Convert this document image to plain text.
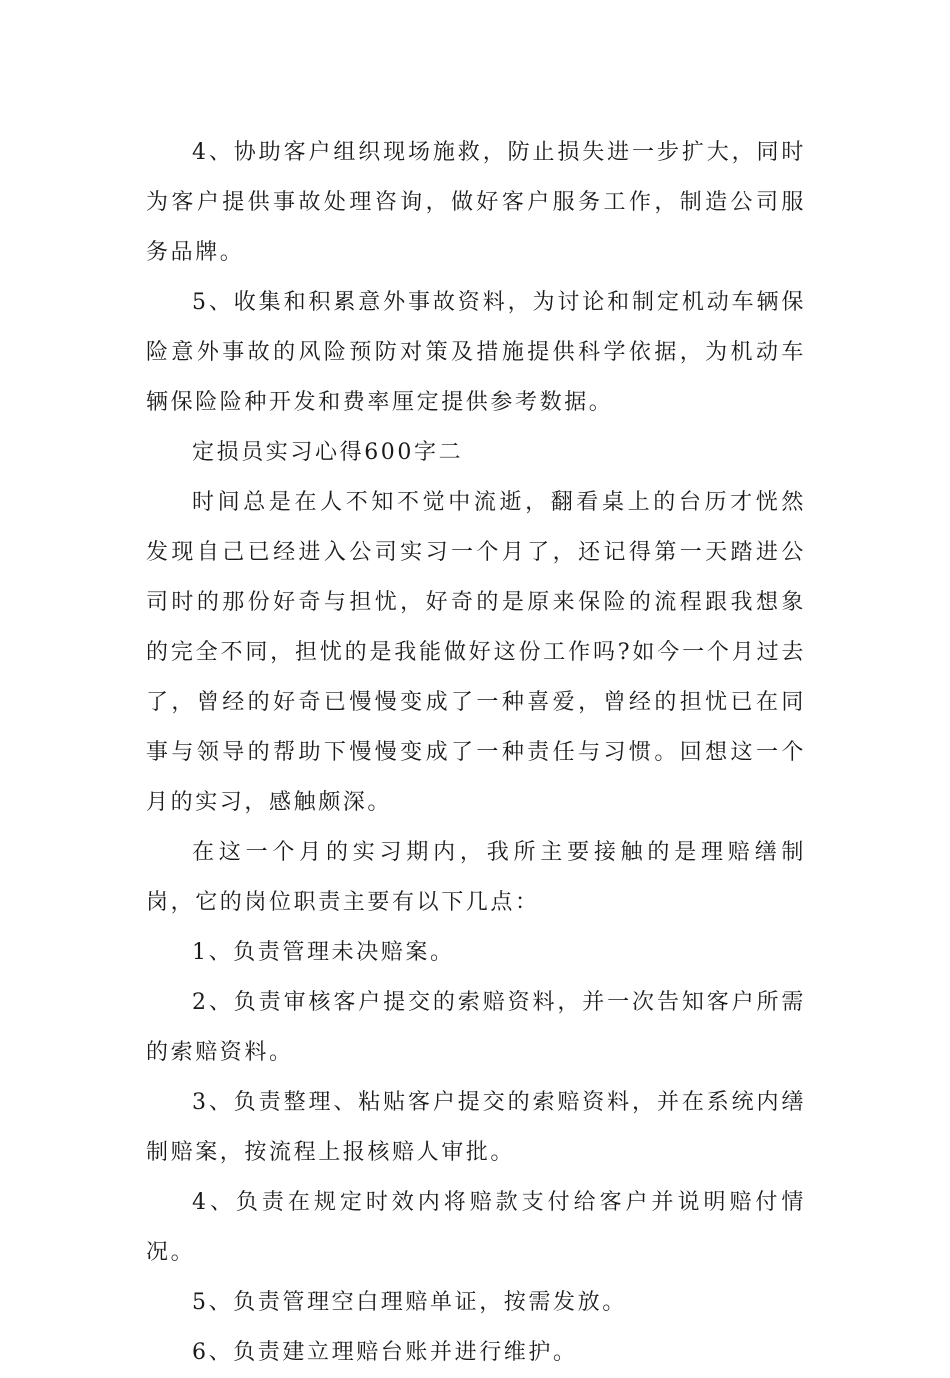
4、协助客户组织现场施救，防止损失进一步扩大，同时为客户提供事故处理咨询，做好客户服务工作，制造公司服务品牌。

5、收集和积累意外事故资料，为讨论和制定机动车辆保险意外事故的风险预防对策及措施提供科学依据，为机动车辆保险险种开发和费率厘定提供参考数据。

定损员实习心得600字二

时间总是在人不知不觉中流逝，翻看桌上的台历才恍然发现自己已经进入公司实习一个月了，还记得第一天踏进公司时的那份好奇与担忧，好奇的是原来保险的流程跟我想象的完全不同，担忧的是我能做好这份工作吗?如今一个月过去了，曾经的好奇已慢慢变成了一种喜爱，曾经的担忧已在同事与领导的帮助下慢慢变成了一种责任与习惯。回想这一个月的实习，感触颇深。

在这一个月的实习期内，我所主要接触的是理赔缮制岗，它的岗位职责主要有以下几点：

1、负责管理未决赔案。

2、负责审核客户提交的索赔资料，并一次告知客户所需的索赔资料。

3、负责整理、粘贴客户提交的索赔资料，并在系统内缮制赔案，按流程上报核赔人审批。

4、负责在规定时效内将赔款支付给客户并说明赔付情况。

5、负责管理空白理赔单证，按需发放。

6、负责建立理赔台账并进行维护。
